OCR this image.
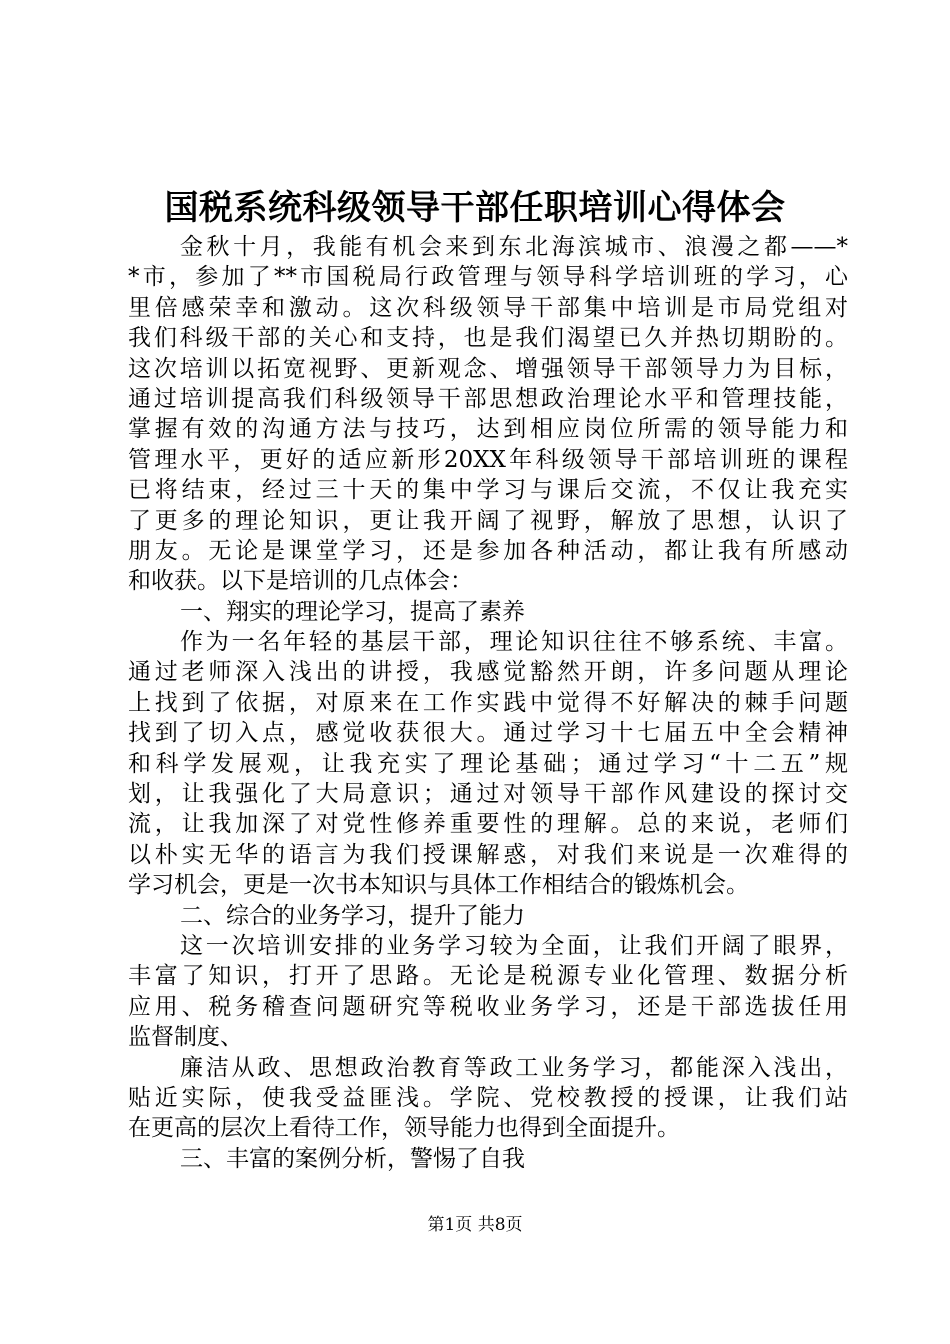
国税系统科级领导干部任职培训心得体会
金秋十月，我能有机会来到东北海滨城市、浪漫之都——*
*市，参加了**市国税局行政管理与领导科学培训班的学习，心
里倍感荣幸和激动。这次科级领导干部集中培训是市局党组对
我们科级干部的关心和支持，也是我们渴望已久并热切期盼的。
这次培训以拓宽视野、更新观念、增强领导干部领导力为目标，
通过培训提高我们科级领导干部思想政治理论水平和管理技能，
掌握有效的沟通方法与技巧，达到相应岗位所需的领导能力和
管理水平，更好的适应新形20XX年科级领导干部培训班的课程
已将结束，经过三十天的集中学习与课后交流，不仅让我充实
了更多的理论知识，更让我开阔了视野，解放了思想，认识了
朋友。无论是课堂学习，还是参加各种活动，都让我有所感动
和收获。以下是培训的几点体会：
一、翔实的理论学习，提高了素养
作为一名年轻的基层干部，理论知识往往不够系统、丰富。
通过老师深入浅出的讲授，我感觉豁然开朗，许多问题从理论
上找到了依据，对原来在工作实践中觉得不好解决的棘手问题
找到了切入点，感觉收获很大。通过学习十七届五中全会精神
和科学发展观，让我充实了理论基础；通过学习“十二五”规
划，让我强化了大局意识；通过对领导干部作风建设的探讨交
流，让我加深了对党性修养重要性的理解。总的来说，老师们
以朴实无华的语言为我们授课解惑，对我们来说是一次难得的
学习机会，更是一次书本知识与具体工作相结合的锻炼机会。
二、综合的业务学习，提升了能力
这一次培训安排的业务学习较为全面，让我们开阔了眼界，
丰富了知识，打开了思路。无论是税源专业化管理、数据分析
应用、税务稽查问题研究等税收业务学习，还是干部选拔任用
监督制度、
廉洁从政、思想政治教育等政工业务学习，都能深入浅出，
贴近实际，使我受益匪浅。学院、党校教授的授课，让我们站
在更高的层次上看待工作，领导能力也得到全面提升。
三、丰富的案例分析，警惕了自我
第1页 共8页
